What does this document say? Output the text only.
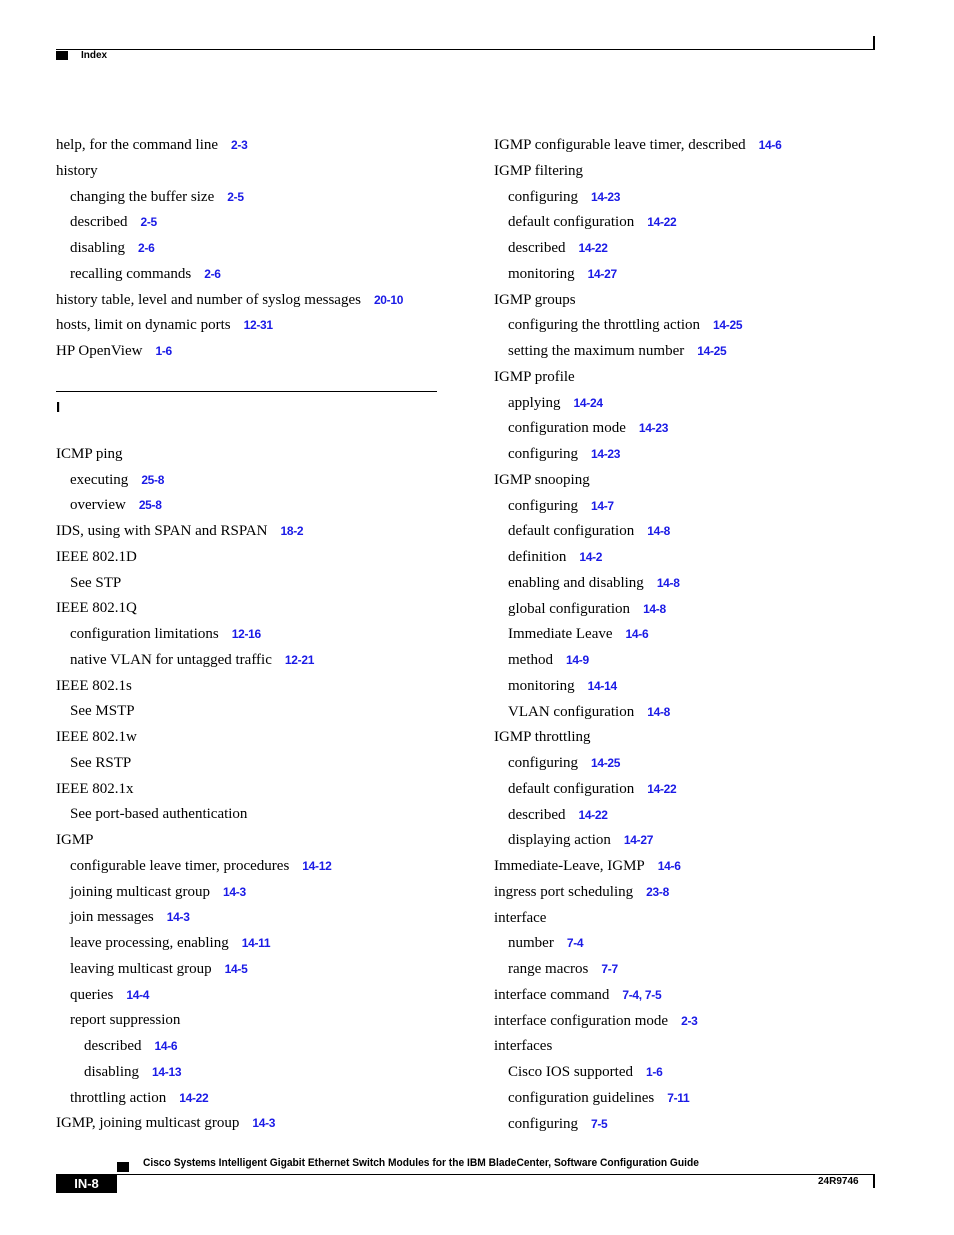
Index
help, for the command line 2-3
history
changing the buffer size 2-5
described 2-5
disabling 2-6
recalling commands 2-6
history table, level and number of syslog messages 20-10
hosts, limit on dynamic ports 12-31
HP OpenView 1-6
I
ICMP ping
executing 25-8
overview 25-8
IDS, using with SPAN and RSPAN 18-2
IEEE 802.1D
See STP
IEEE 802.1Q
configuration limitations 12-16
native VLAN for untagged traffic 12-21
IEEE 802.1s
See MSTP
IEEE 802.1w
See RSTP
IEEE 802.1x
See port-based authentication
IGMP
configurable leave timer, procedures 14-12
joining multicast group 14-3
join messages 14-3
leave processing, enabling 14-11
leaving multicast group 14-5
queries 14-4
report suppression
described 14-6
disabling 14-13
throttling action 14-22
IGMP, joining multicast group 14-3
IGMP configurable leave timer, described 14-6
IGMP filtering
configuring 14-23
default configuration 14-22
described 14-22
monitoring 14-27
IGMP groups
configuring the throttling action 14-25
setting the maximum number 14-25
IGMP profile
applying 14-24
configuration mode 14-23
configuring 14-23
IGMP snooping
configuring 14-7
default configuration 14-8
definition 14-2
enabling and disabling 14-8
global configuration 14-8
Immediate Leave 14-6
method 14-9
monitoring 14-14
VLAN configuration 14-8
IGMP throttling
configuring 14-25
default configuration 14-22
described 14-22
displaying action 14-27
Immediate-Leave, IGMP 14-6
ingress port scheduling 23-8
interface
number 7-4
range macros 7-7
interface command 7-4, 7-5
interface configuration mode 2-3
interfaces
Cisco IOS supported 1-6
configuration guidelines 7-11
configuring 7-5
Cisco Systems Intelligent Gigabit Ethernet Switch Modules for the IBM BladeCenter, Software Configuration Guide
IN-8	24R9746
